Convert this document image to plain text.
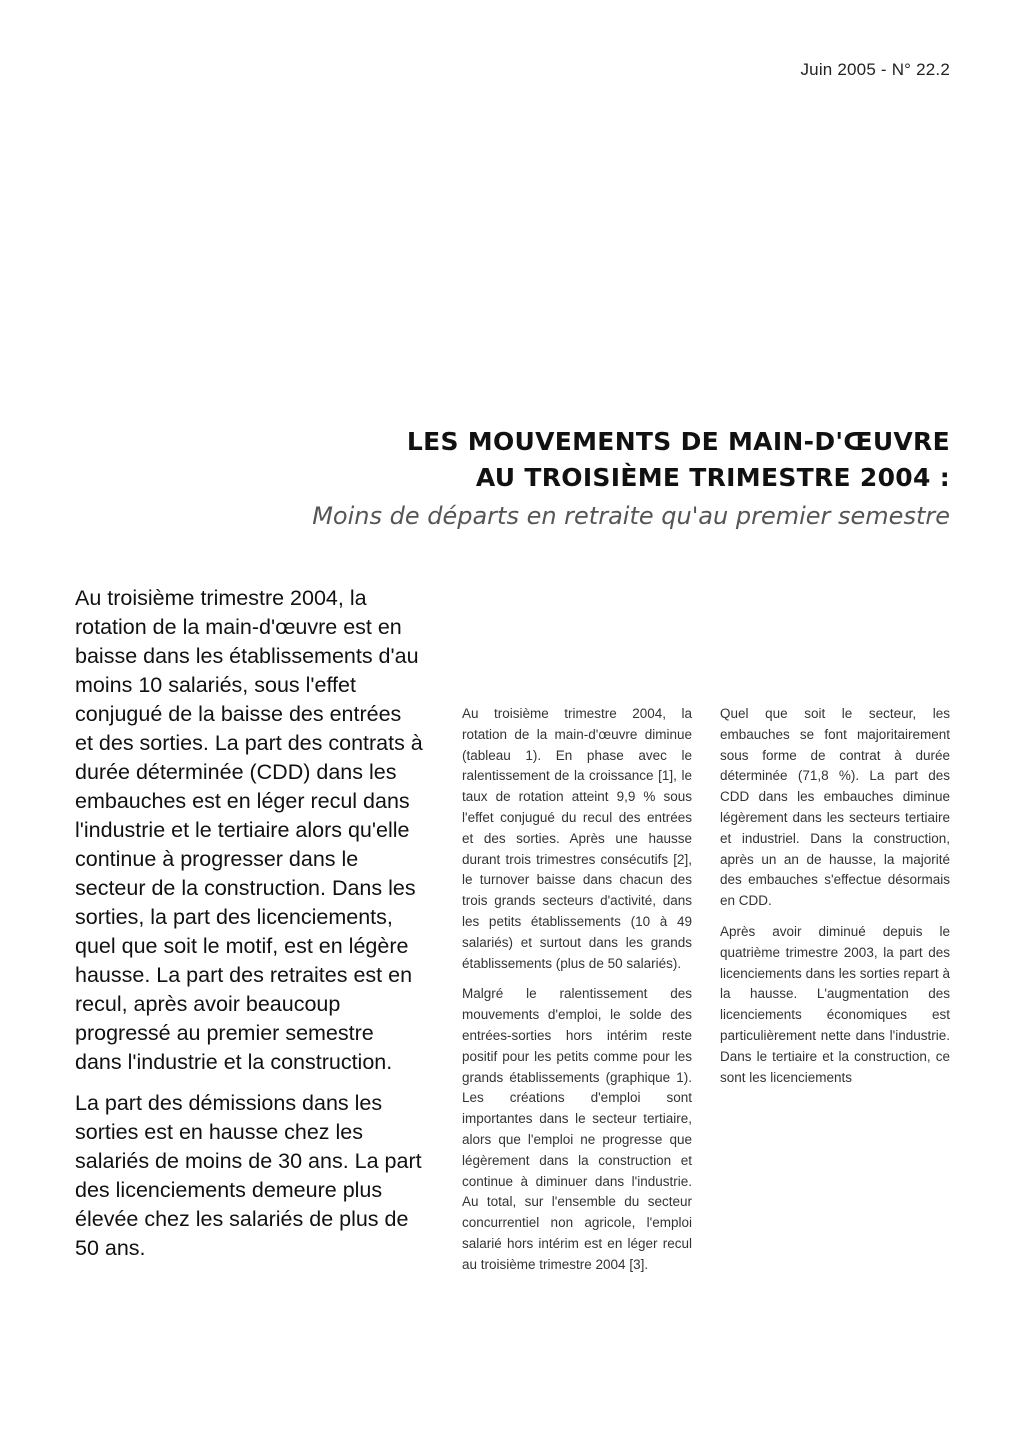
Juin 2005 - N° 22.2
LES MOUVEMENTS DE MAIN-D'ŒUVRE
AU TROISIÈME TRIMESTRE 2004 :
Moins de départs en retraite qu'au premier semestre

Au troisième trimestre 2004, la rotation de la main-d'œuvre est en baisse dans les établissements d'au moins 10 salariés, sous l'effet conjugué de la baisse des entrées et des sorties. La part des contrats à durée déterminée (CDD) dans les embauches est en léger recul dans l'industrie et le tertiaire alors qu'elle continue à progresser dans le secteur de la construction. Dans les sorties, la part des licenciements, quel que soit le motif, est en légère hausse. La part des retraites est en recul, après avoir beaucoup progressé au premier semestre dans l'industrie et la construction.

La part des démissions dans les sorties est en hausse chez les salariés de moins de 30 ans. La part des licenciements demeure plus élevée chez les salariés de plus de 50 ans.

Au troisième trimestre 2004, la rotation de la main-d'œuvre diminue (tableau 1). En phase avec le ralentissement de la croissance [1], le taux de rotation atteint 9,9 % sous l'effet conjugué du recul des entrées et des sorties. Après une hausse durant trois trimestres consécutifs [2], le turnover baisse dans chacun des trois grands secteurs d'activité, dans les petits établissements (10 à 49 salariés) et surtout dans les grands établissements (plus de 50 salariés).

Malgré le ralentissement des mouvements d'emploi, le solde des entrées-sorties hors intérim reste positif pour les petits comme pour les grands établissements (graphique 1). Les créations d'emploi sont importantes dans le secteur tertiaire, alors que l'emploi ne progresse que légèrement dans la construction et continue à diminuer dans l'industrie. Au total, sur l'ensemble du secteur concurrentiel non agricole, l'emploi salarié hors intérim est en léger recul au troisième trimestre 2004 [3].

Quel que soit le secteur, les embauches se font majoritairement sous forme de contrat à durée déterminée (71,8 %). La part des CDD dans les embauches diminue légèrement dans les secteurs tertiaire et industriel. Dans la construction, après un an de hausse, la majorité des embauches s'effectue désormais en CDD.

Après avoir diminué depuis le quatrième trimestre 2003, la part des licenciements dans les sorties repart à la hausse. L'augmentation des licenciements économiques est particulièrement nette dans l'industrie. Dans le tertiaire et la construction, ce sont les licenciements
